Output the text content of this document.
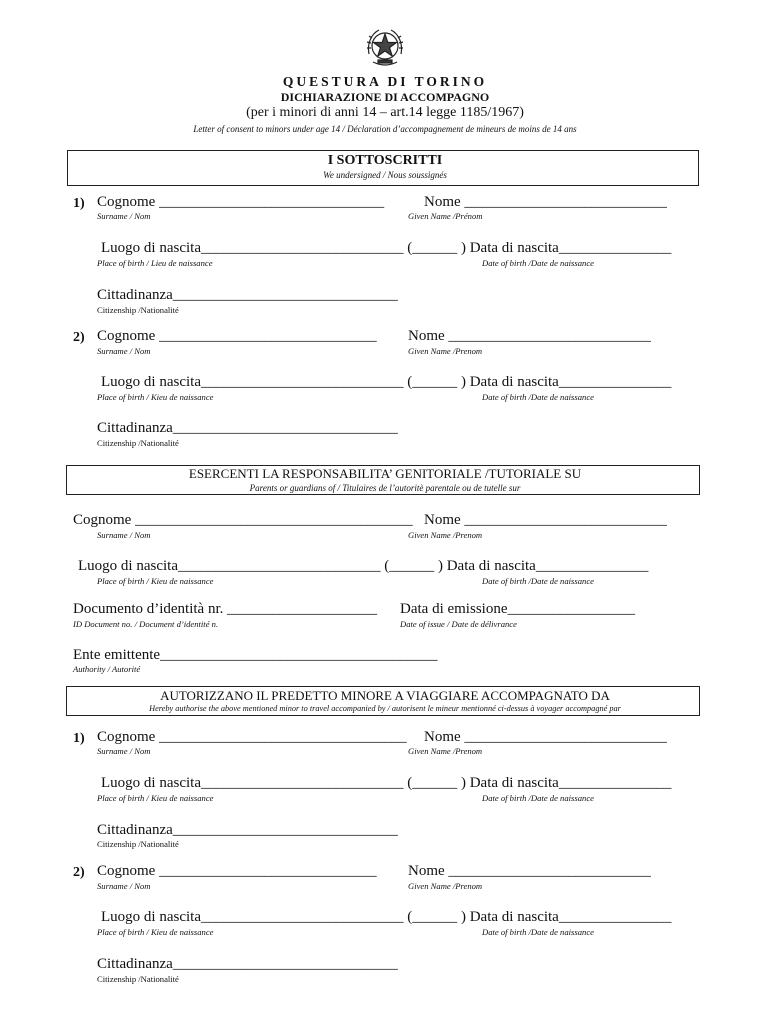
QUESTURA DI TORINO
DICHIARAZIONE DI ACCOMPAGNO
(per i minori di anni 14 – art.14 legge 1185/1967)
Letter of consent to minors under age 14 / Déclaration d’accompagnement de mineurs de moins de 14 ans
I SOTTOSCRITTI
We undersigned / Nous soussignés
1) Cognome ______________________________
Surname / Nom
Nome ___________________________
Given Name /Prénom
Luogo di nascita___________________________ (______ ) Data di nascita_______________
Place of birth / Lieu de naissance	Date of birth /Date de naissance
Cittadinanza______________________________
Citizenship /Nationalité
2) Cognome _____________________________
Surname / Nom
Nome ___________________________
Given Name /Prenom
Luogo di nascita___________________________ (______ ) Data di nascita_______________
Place of birth / Kieu de naissance	Date of birth /Date de naissance
Cittadinanza______________________________
Citizenship /Nationalité
ESERCENTI LA RESPONSABILITA’ GENITORIALE /TUTORIALE SU
Parents or guardians of / Titulaires de l’autoritè parentale ou de tutelle sur
Cognome _____________________________________
Surname / Nom
Nome ___________________________
Given Name /Prenom
Luogo di nascita___________________________ (______ ) Data di nascita_______________
Place of birth / Kieu de naissance	Date of birth /Date de naissance
Documento d’identità nr. ____________________
ID Document no. / Document d’identité n.
Data di emissione_________________
Date of issue / Date de délivrance
Ente emittente_____________________________________
Authority / Autorité
AUTORIZZANO IL PREDETTO MINORE A VIAGGIARE ACCOMPAGNATO DA
Hereby authorise the above mentioned minor to travel accompanied by / autorisent le mineur mentionné ci-dessus à voyager accompagné par
1) Cognome _________________________________
Surname / Nom
Nome ___________________________
Given Name /Prenom
Luogo di nascita___________________________ (______ ) Data di nascita_______________
Place of birth / Kieu de naissance	Date of birth /Date de naissance
Cittadinanza______________________________
Citizenship /Nationalité
2) Cognome _____________________________
Surname / Nom
Nome ___________________________
Given Name /Prenom
Luogo di nascita___________________________ (______ ) Data di nascita_______________
Place of birth / Kieu de naissance	Date of birth /Date de naissance
Cittadinanza______________________________
Citizenship /Nationalité
